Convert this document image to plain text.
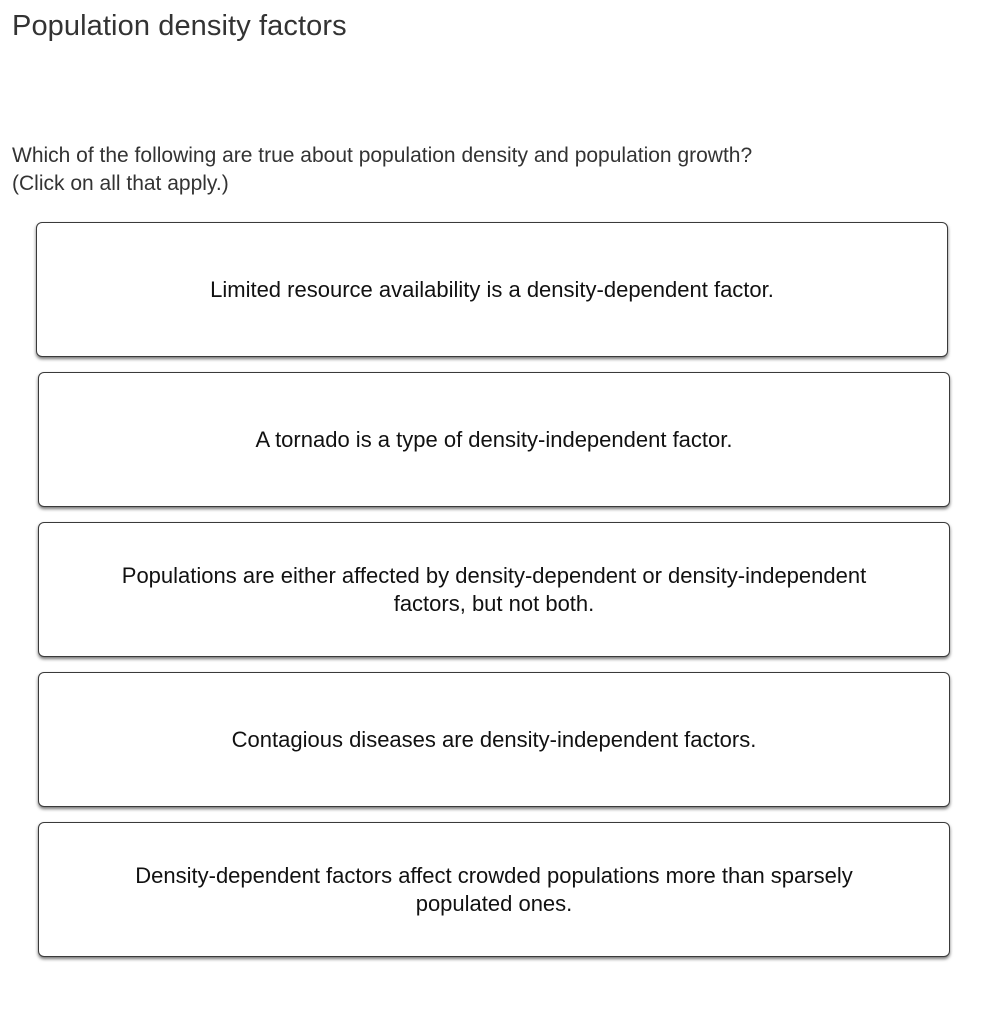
Population density factors
Which of the following are true about population density and population growth?
(Click on all that apply.)
Limited resource availability is a density-dependent factor.
A tornado is a type of density-independent factor.
Populations are either affected by density-dependent or density-independent factors, but not both.
Contagious diseases are density-independent factors.
Density-dependent factors affect crowded populations more than sparsely populated ones.
